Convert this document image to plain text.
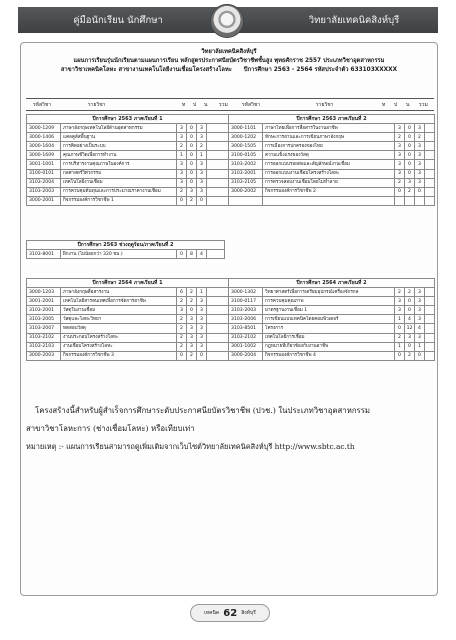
คู่มือนักเรียน นักศึกษา	วิทยาลัยเทคนิคสิงห์บุรี
วิทยาลัยเทคนิคสิงห์บุรี
แผนการเรียนรุ่นนักเรียนตามแผนการเรียน หลักสูตรประกาศนียบัตรวิชาชีพชั้นสูง พุทธศักราช 2557 ประเภทวิชาอุตสาหกรรม
สาขาวิชาเทคนิคโลหะ สาขางานเทคโนโลยีงานเชื่อมโครงสร้างโลหะ ปีการศึกษา 2563 - 2564 รหัสประจำตัว 633103XXXXX
รหัสวิชา	รายวิชา	ท ป น รวม	รหัสวิชา	รายวิชา	ท ป น รวม
ปีการศึกษา 2563 ภาคเรียนที่ 1						ปีการศึกษา 2563 ภาคเรียนที่ 2					
3000-1209	ภาษาอังกฤษเทคโนโลยีด้านอุตสาหกรรม	3	0	3		3000-1101	ภาษาไทยเพื่อการสื่อสารในงานอาชีพ	3	0	3	
3000-1406	แคลคูลัสพื้นฐาน	3	0	3		3000-1202	ทักษะการอ่านและการเขียนภาษาอังกฤษ	2	0	2	
3000-1604	การคิดอย่างเป็นระบบ	2	0	2		3000-1505	การเมืองการปกครองของไทย	3	0	3	
3000-1609	คุณภาพชีวิตเพื่อการทำงาน	1	0	1		3100-0105	ความแข็งแรงของวัสดุ	3	0	3	
3001-1001	การบริหารงานคุณภาพในองค์การ	3	0	3		3103-2002	การออกแบบรอยต่อและสัญลักษณ์งานเชื่อม	3	0	3	
3100-0101	กลศาสตร์วิศวกรรม	3	0	3		3103-2001	การออกแบบงานเชื่อมโครงสร้างโลหะ	3	0	3	
3103-2004	เทคโนโลยีงานเชื่อม	3	0	3		3103-2105	การตรวจสอบงานเชื่อมโดยไม่ทำลาย	2	3	3	
3103-2003	การควบคุมต้นทุนและการประมาณราคางานเชื่อม	2	3	3		3000-2002	กิจกรรมองค์การวิชาชีพ 2	0	2	0	
3000-2001	กิจกรรมองค์การวิชาชีพ 1	0	2	0							
ปีการศึกษา 2563 ช่วงฤดูร้อน/ภาคเรียนที่ 2
3103-8001	ฝึกงาน (ไม่น้อยกว่า 320 ชม.)	0	8	4	
ปีการศึกษา 2564 ภาคเรียนที่ 1						ปีการศึกษา 2564 ภาคเรียนที่ 2					
3000-1203	ภาษาอังกฤษสื่อสารงาน	6	2	1		3000-1302	วิทยาศาสตร์เพื่อการเตรียมอุปกรณ์เครื่องจักรกล	2	2	3	
3001-2001	เทคโนโลยีสารสนเทศเพื่อการจัดการอาชีพ	2	2	3		3100-0117	การควบคุมคุณภาพ	3	0	3	
3103-2001	วัสดุในงานเชื่อม	3	0	3		3103-2003	มาตรฐานงานเชื่อม 1	3	0	3	
3103-2005	วัสดุและโลหะวิทยา	2	3	3		3103-2006	การเขียนแบบเทคนิคโดยคอมพิวเตอร์	1	4	3	
3103-2007	ทดสอบวัสดุ	2	3	3		3103-8501	โครงการ	0	12	4	
3103-2102	งานประกอบโครงสร้างโลหะ	2	3	3		3103-2102	เทคโนโลยีการเชื่อม	2	3	3	
3103-2103	งานเชื่อมโครงสร้างโลหะ	2	3	3		3001-1002	กฎหมายที่เกี่ยวข้องกับงานอาชีพ	1	0	1	
3000-2003	กิจกรรมองค์การวิชาชีพ 3	0	2	0		3000-2004	กิจกรรมองค์การวิชาชีพ 4	0	2	0	
โครงสร้างนี้สำหรับผู้สำเร็จการศึกษาระดับประกาศนียบัตรวิชาชีพ (ปวช.) ในประเภทวิชาอุตสาหกรรม
สาขาวิชาโลหะการ (ช่างเชื่อมโลหะ) หรือเทียบเท่า
หมายเหตุ :- แผนการเรียนสามารถดูเพิ่มเติมจากเว็บไซต์วิทยาลัยเทคนิคสิงห์บุรี http://www.sbtc.ac.th
เทคนิค 62 สิงห์บุรี
